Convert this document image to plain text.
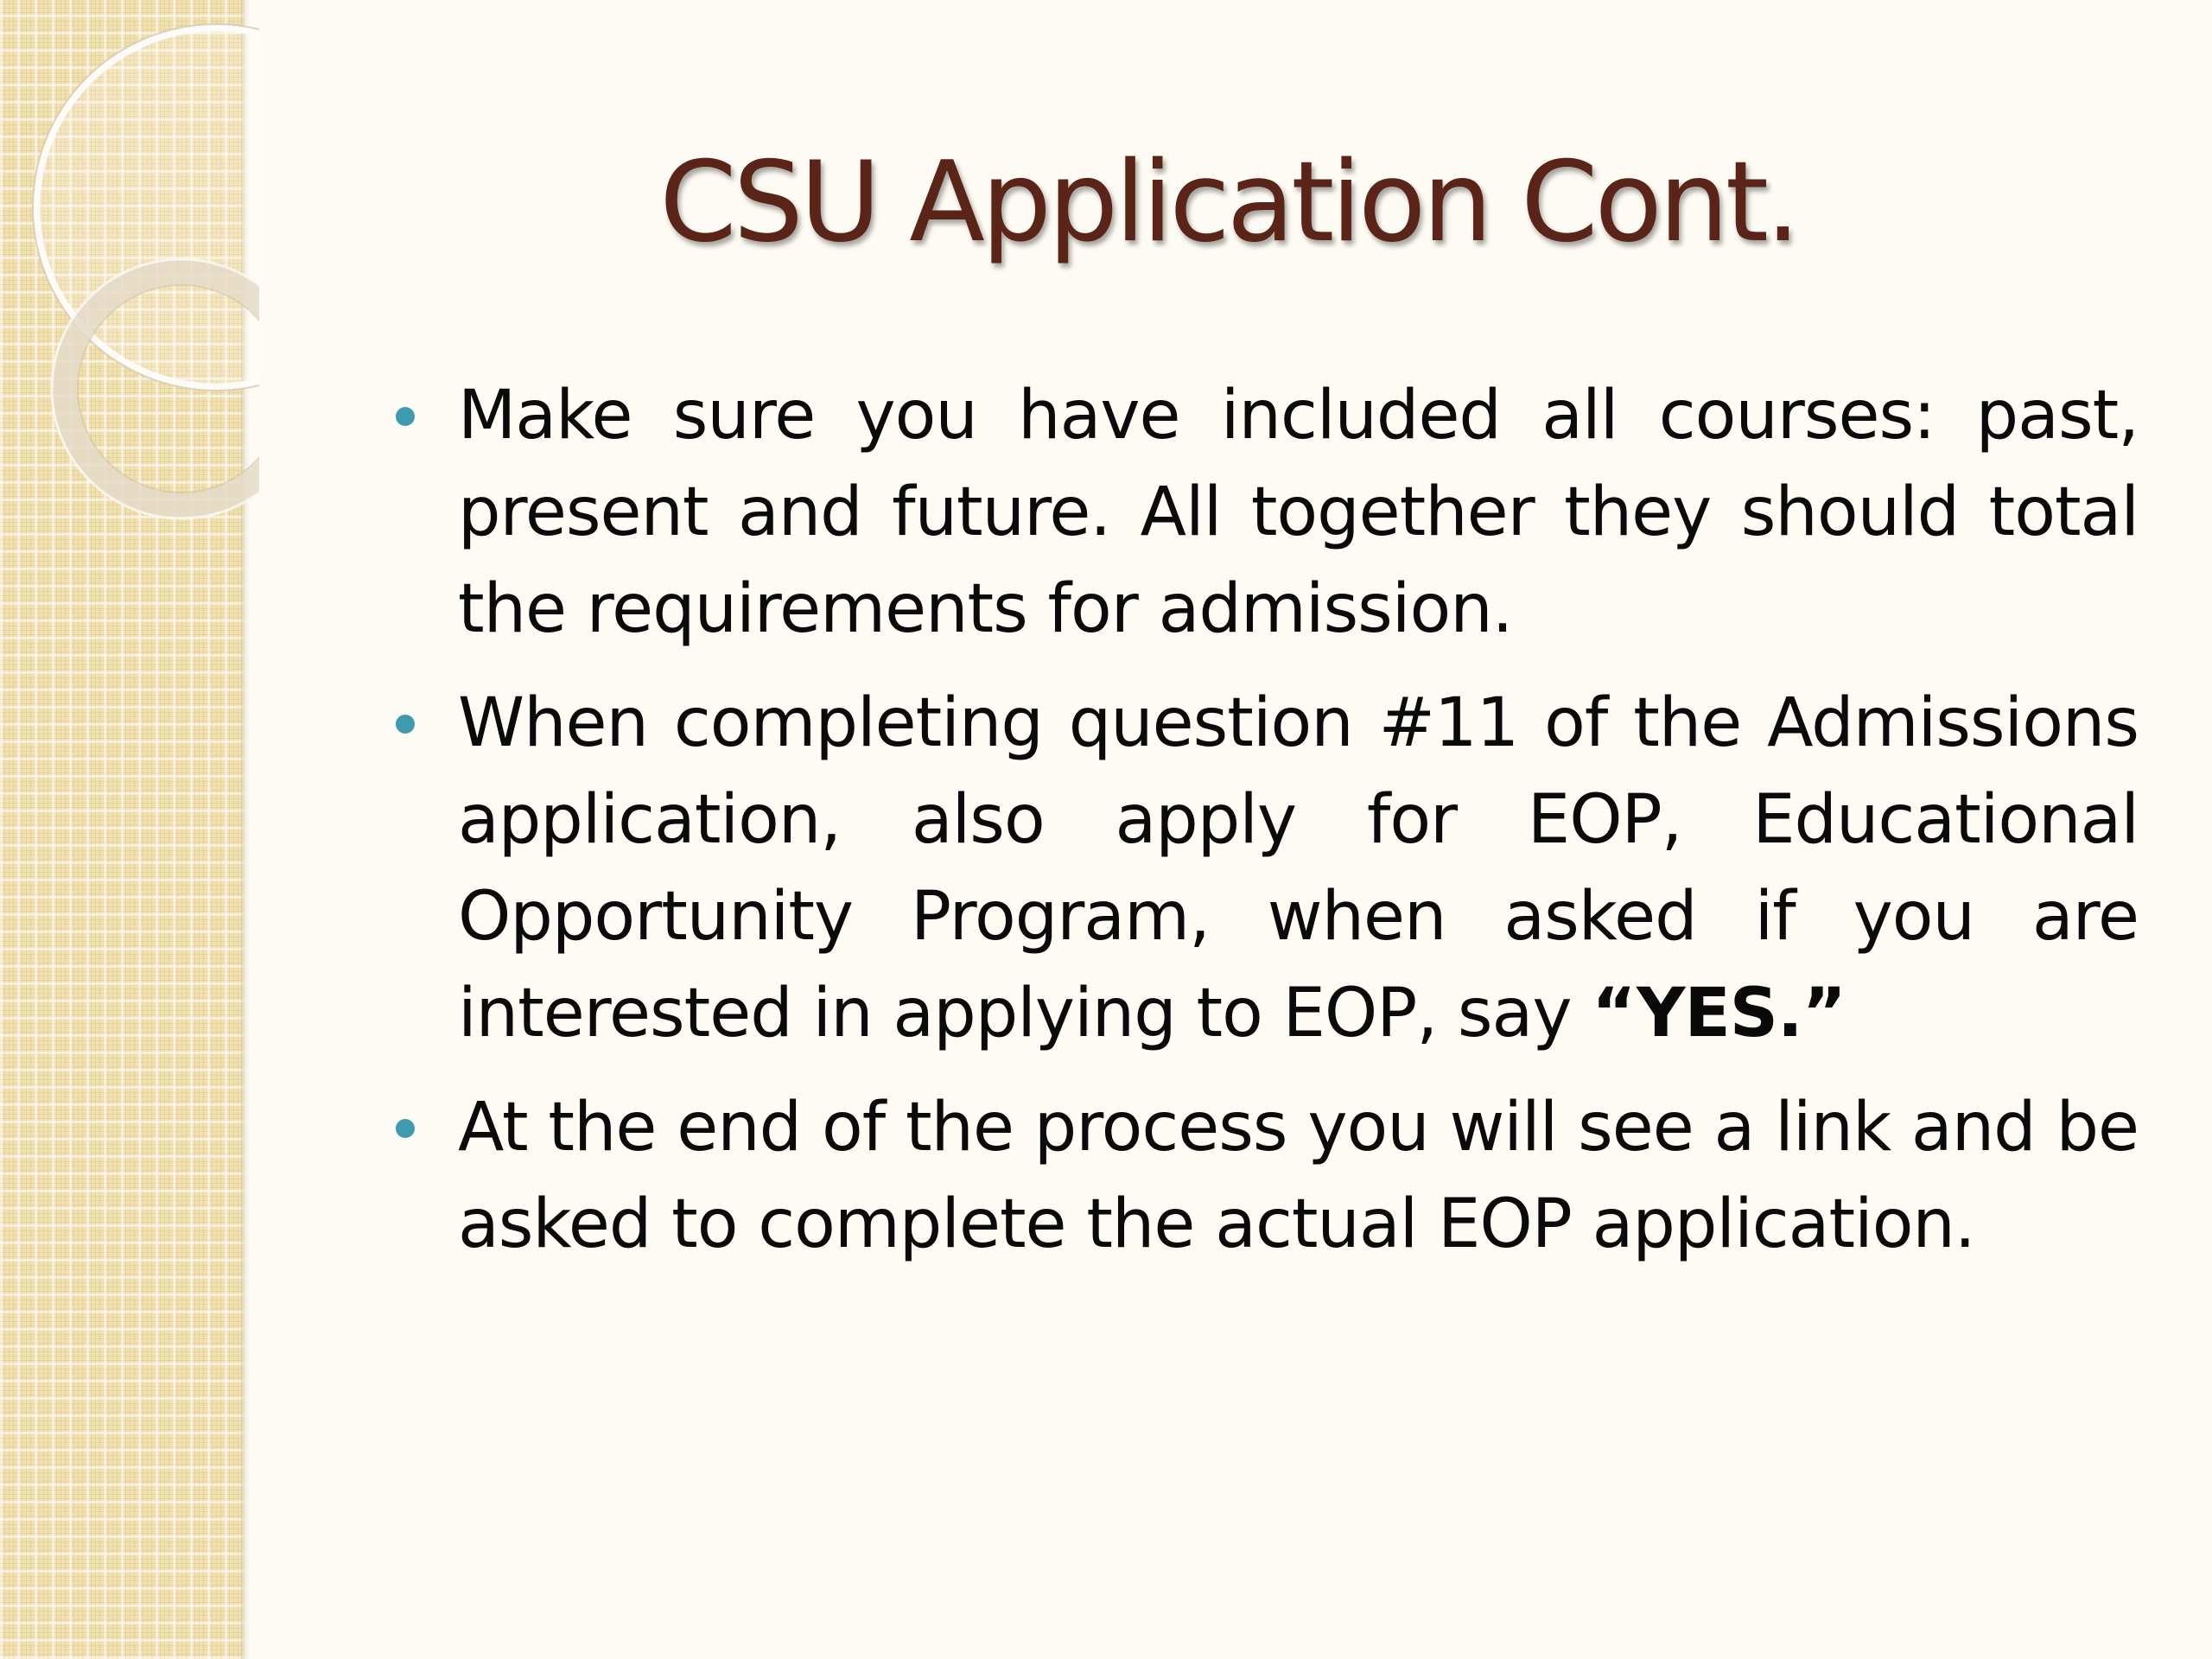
CSU Application Cont.
Make sure you have included all courses: past, present and future. All together they should total the requirements for admission.
When completing question #11 of the Admissions application, also apply for EOP, Educational Opportunity Program, when asked if you are interested in applying to EOP, say “YES.”
At the end of the process you will see a link and be asked to complete the actual EOP application.
